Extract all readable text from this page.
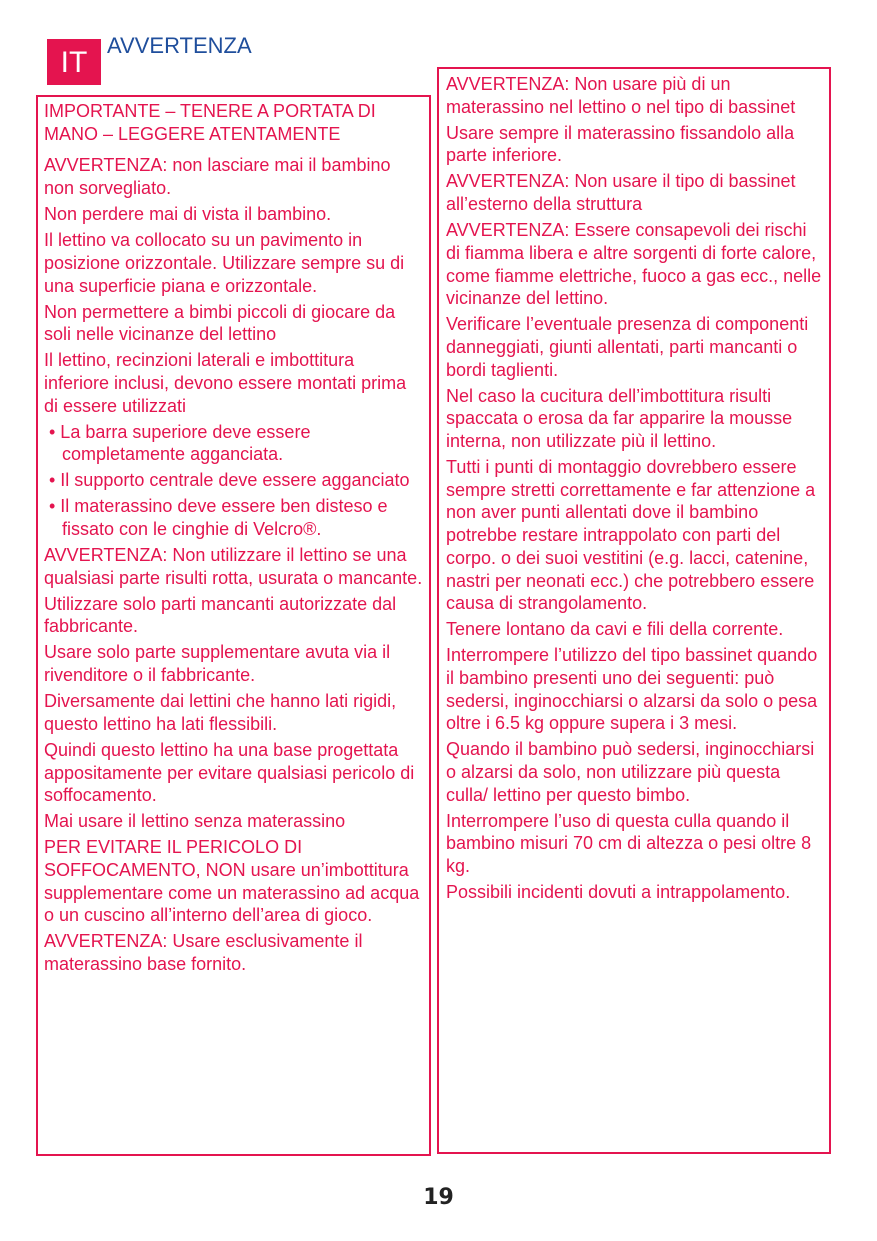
IT
AVVERTENZA

IMPORTANTE – TENERE A PORTATA DI MANO – LEGGERE ATENTAMENTE

AVVERTENZA: non lasciare mai il bambino non sorvegliato.

Non perdere mai di vista il bambino.

Il lettino va collocato su un pavimento in posizione orizzontale. Utilizzare sempre su di una superficie piana e orizzontale.

Non permettere a bimbi piccoli di giocare da soli nelle vicinanze del lettino

Il lettino, recinzioni laterali e imbottitura inferiore inclusi, devono essere montati prima di essere utilizzati

• La barra superiore deve essere completamente agganciata.

• Il supporto centrale deve essere agganciato

• Il materassino deve essere ben disteso e fissato con le cinghie di Velcro®.

AVVERTENZA: Non utilizzare il lettino se una qualsiasi parte risulti rotta, usurata o mancante.

Utilizzare solo parti mancanti autorizzate dal fabbricante.

Usare solo parte supplementare avuta via il rivenditore o il fabbricante.

Diversamente dai lettini che hanno lati rigidi, questo lettino ha lati flessibili.

Quindi questo lettino ha una base progettata appositamente per evitare qualsiasi pericolo di soffocamento.

Mai usare il lettino senza materassino

PER EVITARE IL PERICOLO DI SOFFOCAMENTO, NON usare un’imbottitura supplementare come un materassino ad acqua o un cuscino all’interno dell’area di gioco.

AVVERTENZA: Usare esclusivamente il materassino base fornito.

AVVERTENZA: Non usare più di un materassino nel lettino o nel tipo di bassinet

Usare sempre il materassino fissandolo alla parte inferiore.

AVVERTENZA: Non usare il tipo di bassinet all’esterno della struttura

AVVERTENZA: Essere consapevoli dei rischi di fiamma libera e altre sorgenti di forte calore, come fiamme elettriche, fuoco a gas ecc., nelle vicinanze del lettino.

Verificare l’eventuale presenza di componenti danneggiati, giunti allentati, parti mancanti o bordi taglienti.

Nel caso la cucitura dell’imbottitura risulti spaccata o erosa da far apparire la mousse interna, non utilizzate più il lettino.

Tutti i punti di montaggio dovrebbero essere sempre stretti correttamente e far attenzione a non aver punti allentati dove il bambino potrebbe restare intrappolato con parti del corpo. o dei suoi vestitini (e.g. lacci, catenine, nastri per neonati ecc.) che potrebbero essere causa di strangolamento.

Tenere lontano da cavi e fili della corrente.

Interrompere l’utilizzo del tipo bassinet quando il bambino presenti uno dei seguenti: può sedersi, inginocchiarsi o alzarsi da solo o pesa oltre i 6.5 kg oppure supera i 3 mesi.

Quando il bambino può sedersi, inginocchiarsi o alzarsi da solo, non utilizzare più questa culla/ lettino per questo bimbo.

Interrompere l’uso di questa culla quando il bambino misuri 70 cm di altezza o pesi oltre 8 kg.

Possibili incidenti dovuti a intrappolamento.

19
